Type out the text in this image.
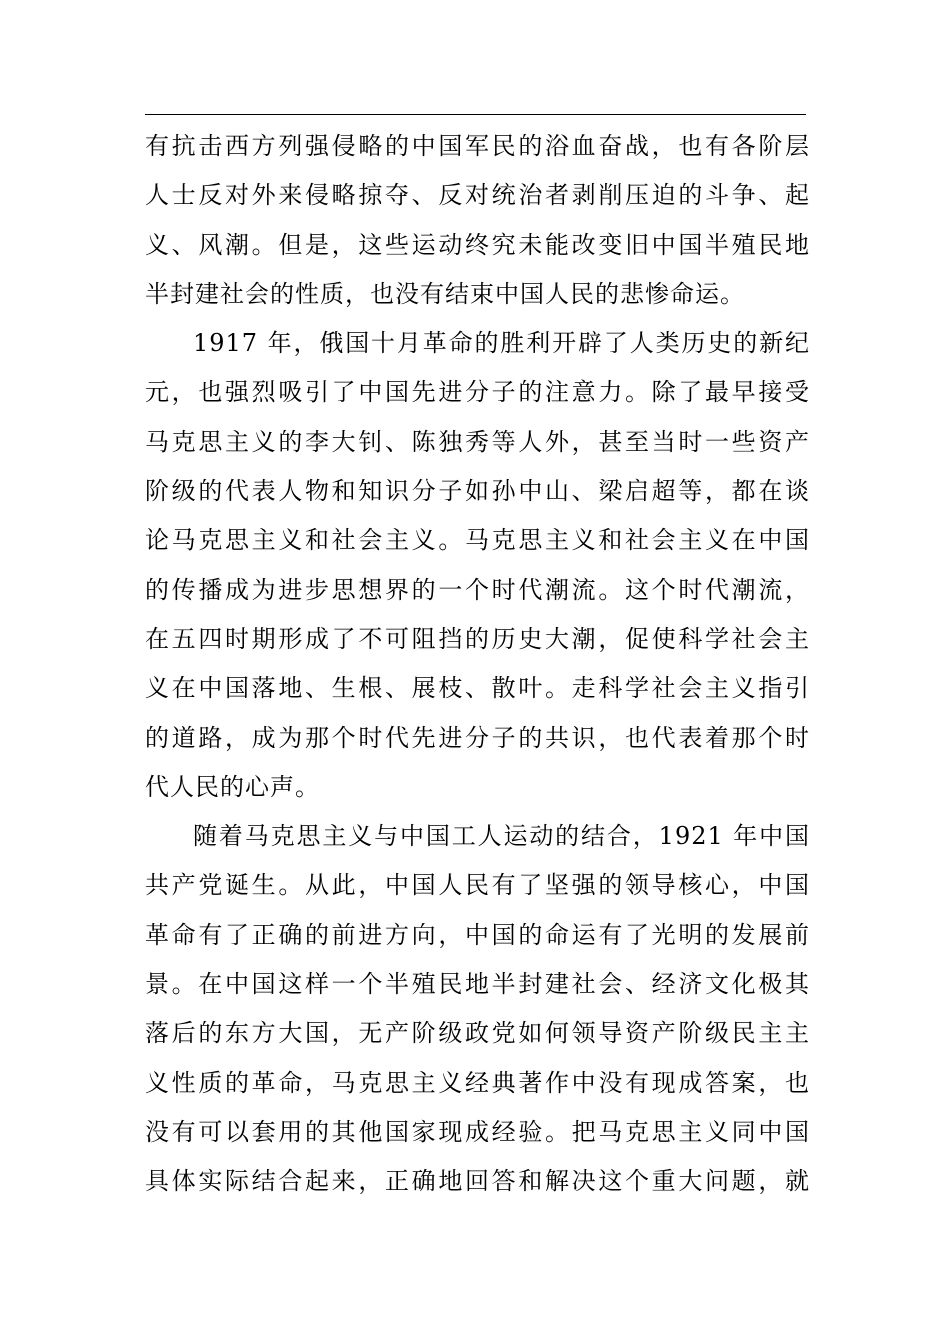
有抗击西方列强侵略的中国军民的浴血奋战，也有各阶层
人士反对外来侵略掠夺、反对统治者剥削压迫的斗争、起
义、风潮。但是，这些运动终究未能改变旧中国半殖民地
半封建社会的性质，也没有结束中国人民的悲惨命运。
1917 年，俄国十月革命的胜利开辟了人类历史的新纪
元，也强烈吸引了中国先进分子的注意力。除了最早接受
马克思主义的李大钊、陈独秀等人外，甚至当时一些资产
阶级的代表人物和知识分子如孙中山、梁启超等，都在谈
论马克思主义和社会主义。马克思主义和社会主义在中国
的传播成为进步思想界的一个时代潮流。这个时代潮流，
在五四时期形成了不可阻挡的历史大潮，促使科学社会主
义在中国落地、生根、展枝、散叶。走科学社会主义指引
的道路，成为那个时代先进分子的共识，也代表着那个时
代人民的心声。
随着马克思主义与中国工人运动的结合，1921 年中国
共产党诞生。从此，中国人民有了坚强的领导核心，中国
革命有了正确的前进方向，中国的命运有了光明的发展前
景。在中国这样一个半殖民地半封建社会、经济文化极其
落后的东方大国，无产阶级政党如何领导资产阶级民主主
义性质的革命，马克思主义经典著作中没有现成答案，也
没有可以套用的其他国家现成经验。把马克思主义同中国
具体实际结合起来，正确地回答和解决这个重大问题，就
